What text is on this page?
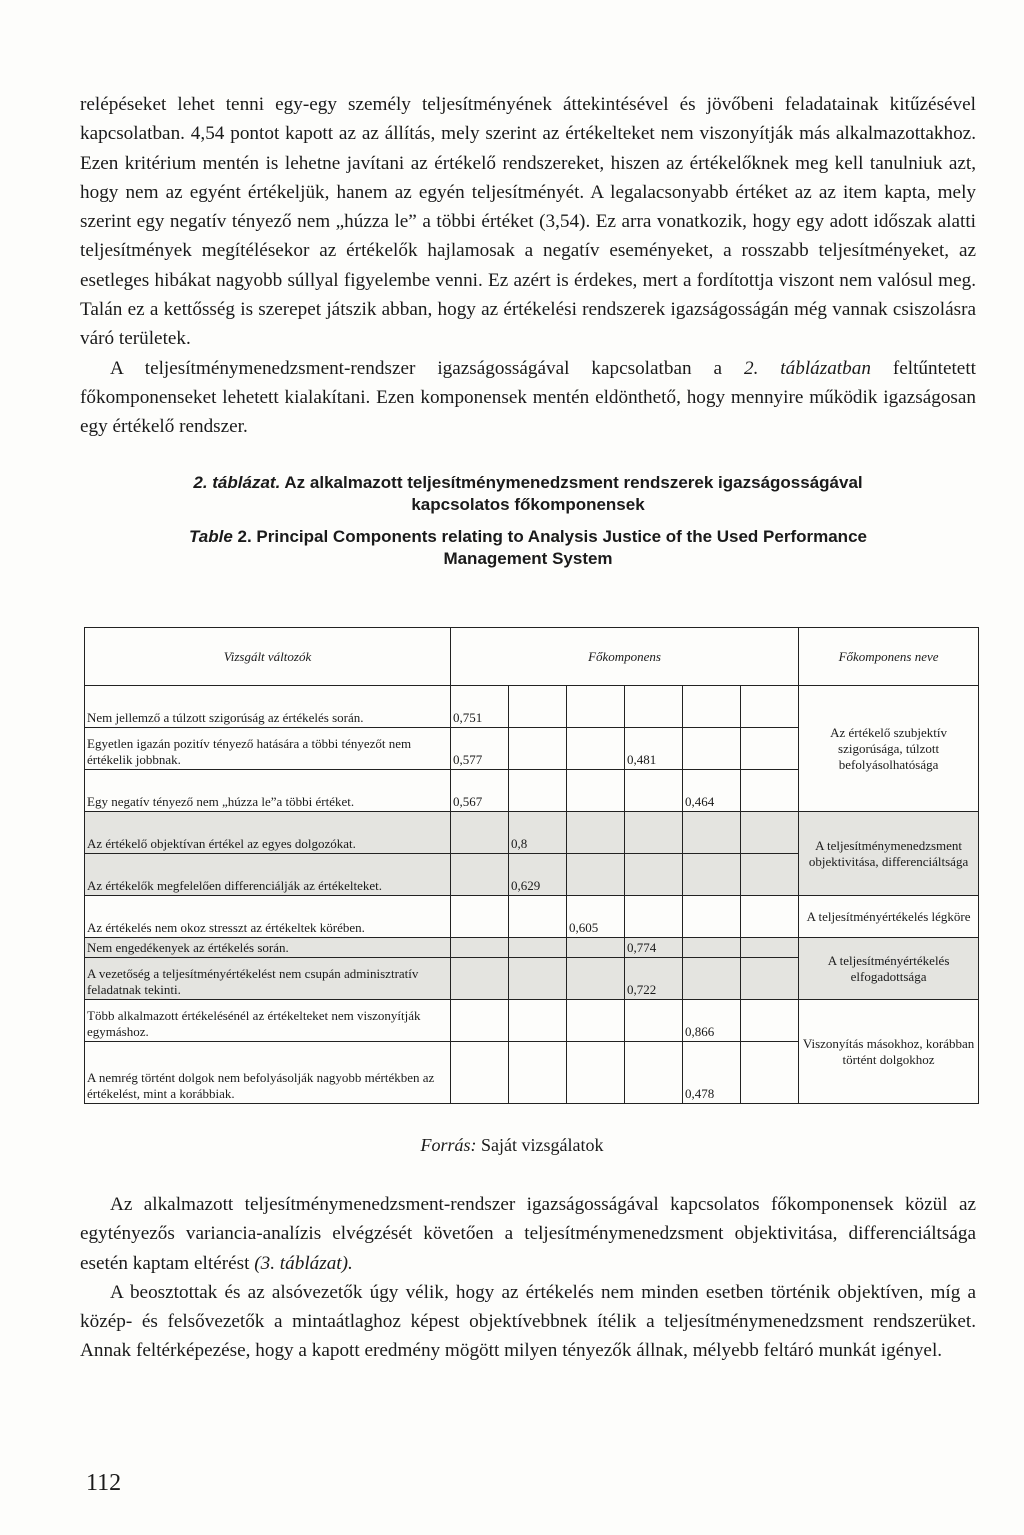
relépéseket lehet tenni egy-egy személy teljesítményének áttekintésével és jövőbeni feladatainak kitűzésével kapcsolatban. 4,54 pontot kapott az az állítás, mely szerint az értékelteket nem viszonyítják más alkalmazottakhoz. Ezen kritérium mentén is lehetne javítani az értékelő rendszereket, hiszen az értékelőknek meg kell tanulniuk azt, hogy nem az egyént értékeljük, hanem az egyén teljesítményét. A legalacsonyabb értéket az az item kapta, mely szerint egy negatív tényező nem „húzza le” a többi értéket (3,54). Ez arra vonatkozik, hogy egy adott időszak alatti teljesítmények megítélésekor az értékelők hajlamosak a negatív eseményeket, a rosszabb teljesítményeket, az esetleges hibákat nagyobb súllyal figyelembe venni. Ez azért is érdekes, mert a fordítottja viszont nem valósul meg. Talán ez a kettősség is szerepet játszik abban, hogy az értékelési rendszerek igazságosságán még vannak csiszolásra váró területek.

A teljesítménymenedzsment-rendszer igazságosságával kapcsolatban a 2. táblázatban feltűntetett főkomponenseket lehetett kialakítani. Ezen komponensek mentén eldönthető, hogy mennyire működik igazságosan egy értékelő rendszer.

2. táblázat. Az alkalmazott teljesítménymenedzsment rendszerek igazságosságával
kapcsolatos főkomponensek
Table 2. Principal Components relating to Analysis Justice of the Used Performance
Management System
Vizsgált változók	Főkomponens						Főkomponens neve
Nem jellemző a túlzott szigorúság az értékelés során.	0,751						Az értékelő szubjektív szigorúsága, túlzott befolyásolhatósága
Egyetlen igazán pozitív tényező hatására a többi tényezőt nem értékelik jobbnak.	0,577			0,481			
Egy negatív tényező nem „húzza le”a többi értéket.	0,567				0,464		
Az értékelő objektívan értékel az egyes dolgozókat.		0,8					A teljesítménymenedzsment objektivitása, differenciáltsága
Az értékelők megfelelően differenciálják az értékelteket.		0,629					
Az értékelés nem okoz stresszt az értékeltek körében.			0,605				A teljesítményértékelés légköre
Nem engedékenyek az értékelés során.				0,774			A teljesítményértékelés elfogadottsága
A vezetőség a teljesítményértékelést nem csupán adminisztratív feladatnak tekinti.				0,722			
Több alkalmazott értékelésénél az értékelteket nem viszonyítják egymáshoz.					0,866		Viszonyítás másokhoz, korábban történt dolgokhoz
A nemrég történt dolgok nem befolyásolják nagyobb mértékben az értékelést, mint a korábbiak.					0,478		
Forrás: Saját vizsgálatok

Az alkalmazott teljesítménymenedzsment-rendszer igazságosságával kapcsolatos főkomponensek közül az egytényezős variancia-analízis elvégzését követően a teljesítménymenedzsment objektivitása, differenciáltsága esetén kaptam eltérést (3. táblázat).

A beosztottak és az alsóvezetők úgy vélik, hogy az értékelés nem minden esetben történik objektíven, míg a közép- és felsővezetők a mintaátlaghoz képest objektívebbnek ítélik a teljesítménymenedzsment rendszerüket. Annak feltérképezése, hogy a kapott eredmény mögött milyen tényezők állnak, mélyebb feltáró munkát igényel.

112
